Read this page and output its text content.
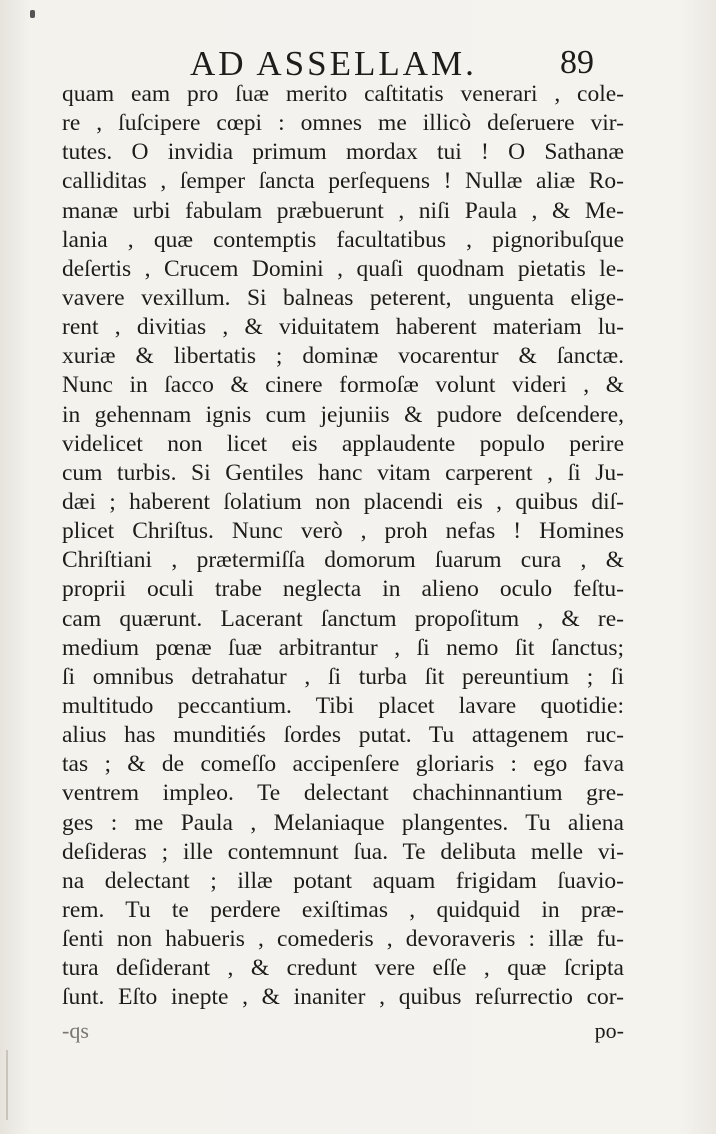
AD ASSELLAM. 89
quam eam pro ſuæ merito caſtitatis venerari , cole-
re , ſuſcipere cœpi : omnes me illicò deſeruere vir-
tutes. O invidia primum mordax tui ! O Sathanæ
calliditas , ſemper ſancta perſequens ! Nullæ aliæ Ro-
manæ urbi fabulam præbuerunt , niſi Paula , & Me-
lania , quæ contemptis facultatibus , pignoribuſque
deſertis , Crucem Domini , quaſi quodnam pietatis le-
vavere vexillum. Si balneas peterent, unguenta elige-
rent , divitias , & viduitatem haberent materiam lu-
xuriæ & libertatis ; dominæ vocarentur & ſanctæ.
Nunc in ſacco & cinere formoſæ volunt videri , &
in gehennam ignis cum jejuniis & pudore deſcendere,
videlicet non licet eis applaudente populo perire
cum turbis. Si Gentiles hanc vitam carperent , ſi Ju-
dæi ; haberent ſolatium non placendi eis , quibus diſ-
plicet Chriſtus. Nunc verò , proh nefas ! Homines
Chriſtiani , prætermiſſa domorum ſuarum cura , &
proprii oculi trabe neglecta in alieno oculo feſtu-
cam quærunt. Lacerant ſanctum propoſitum , & re-
medium pœnæ ſuæ arbitrantur , ſi nemo ſit ſanctus;
ſi omnibus detrahatur , ſi turba ſit pereuntium ; ſi
multitudo peccantium. Tibi placet lavare quotidie:
alius has munditiés ſordes putat. Tu attagenem ruc-
tas ; & de comeſſo accipenſere gloriaris : ego fava
ventrem impleo. Te delectant chachinnantium gre-
ges : me Paula , Melaniaque plangentes. Tu aliena
deſideras ; ille contemnunt ſua. Te delibuta melle vi-
na delectant ; illæ potant aquam frigidam ſuavio-
rem. Tu te perdere exiſtimas , quidquid in præ-
ſenti non habueris , comederis , devoraveris : illæ fu-
tura deſiderant , & credunt vere eſſe , quæ ſcripta
ſunt. Eſto inepte , & inaniter , quibus reſurrectio cor-
-qs	po-
